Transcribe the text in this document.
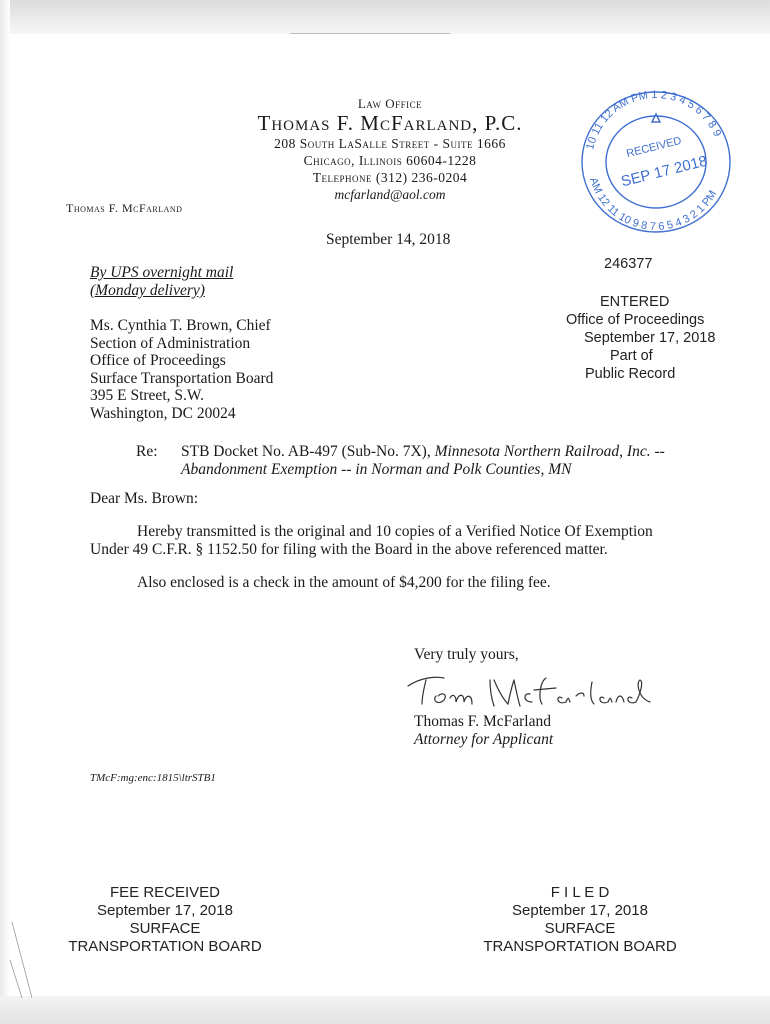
Law Office
Thomas F. McFarland, P.C.
208 South LaSalle Street - Suite 1666
Chicago, Illinois 60604-1228
Telephone (312) 236-0204
mcfarland@aol.com
Thomas F. McFarland
10 11 12 AM PM 1 2 3 4 5 6 7 8 9
AM 12 11 10 9 8 7 6 5 4 3 2 1 PM
RECEIVED
SEP 17 2018
September 14, 2018
By UPS overnight mail
(Monday delivery)
246377
ENTERED
Office of Proceedings
September 17, 2018
Part of
Public Record
Ms. Cynthia T. Brown, Chief
Section of Administration
Office of Proceedings
Surface Transportation Board
395 E Street, S.W.
Washington, DC 20024
Re: STB Docket No. AB-497 (Sub-No. 7X), Minnesota Northern Railroad, Inc. --
Abandonment Exemption -- in Norman and Polk Counties, MN
Dear Ms. Brown:
Hereby transmitted is the original and 10 copies of a Verified Notice Of Exemption
Under 49 C.F.R. § 1152.50 for filing with the Board in the above referenced matter.
Also enclosed is a check in the amount of $4,200 for the filing fee.
Very truly yours,
Thomas F. McFarland
Attorney for Applicant
TMcF:mg:enc:1815\ltrSTB1
FEE RECEIVED
September 17, 2018
SURFACE
TRANSPORTATION BOARD
F I L E D
September 17, 2018
SURFACE
TRANSPORTATION BOARD
